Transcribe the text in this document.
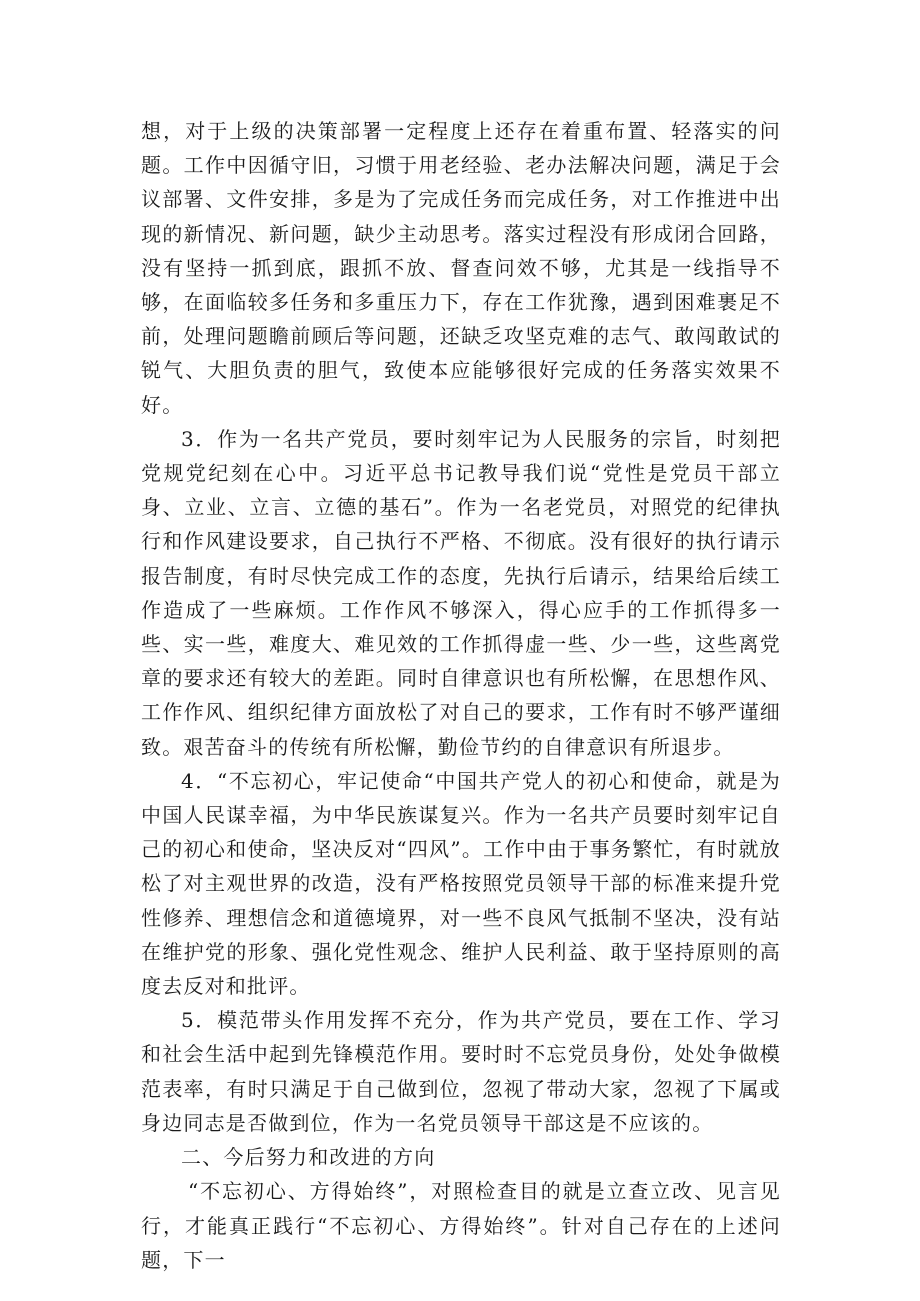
想，对于上级的决策部署一定程度上还存在着重布置、轻落实的问题。工作中因循守旧，习惯于用老经验、老办法解决问题，满足于会议部署、文件安排，多是为了完成任务而完成任务，对工作推进中出现的新情况、新问题，缺少主动思考。落实过程没有形成闭合回路，没有坚持一抓到底，跟抓不放、督查问效不够，尤其是一线指导不够，在面临较多任务和多重压力下，存在工作犹豫，遇到困难裹足不前，处理问题瞻前顾后等问题，还缺乏攻坚克难的志气、敢闯敢试的锐气、大胆负责的胆气，致使本应能够很好完成的任务落实效果不好。

3．作为一名共产党员，要时刻牢记为人民服务的宗旨，时刻把党规党纪刻在心中。习近平总书记教导我们说“党性是党员干部立身、立业、立言、立德的基石”。作为一名老党员，对照党的纪律执行和作风建设要求，自己执行不严格、不彻底。没有很好的执行请示报告制度，有时尽快完成工作的态度，先执行后请示，结果给后续工作造成了一些麻烦。工作作风不够深入，得心应手的工作抓得多一些、实一些，难度大、难见效的工作抓得虚一些、少一些，这些离党章的要求还有较大的差距。同时自律意识也有所松懈，在思想作风、工作作风、组织纪律方面放松了对自己的要求，工作有时不够严谨细致。艰苦奋斗的传统有所松懈，勤俭节约的自律意识有所退步。

4．“不忘初心，牢记使命“中国共产党人的初心和使命，就是为中国人民谋幸福，为中华民族谋复兴。作为一名共产员要时刻牢记自己的初心和使命，坚决反对“四风”。工作中由于事务繁忙，有时就放松了对主观世界的改造，没有严格按照党员领导干部的标准来提升党性修养、理想信念和道德境界，对一些不良风气抵制不坚决，没有站在维护党的形象、强化党性观念、维护人民利益、敢于坚持原则的高度去反对和批评。

5．模范带头作用发挥不充分，作为共产党员，要在工作、学习和社会生活中起到先锋模范作用。要时时不忘党员身份，处处争做模范表率，有时只满足于自己做到位，忽视了带动大家，忽视了下属或身边同志是否做到位，作为一名党员领导干部这是不应该的。

二、今后努力和改进的方向

“不忘初心、方得始终”，对照检查目的就是立查立改、见言见行，才能真正践行“不忘初心、方得始终”。针对自己存在的上述问题，下一
